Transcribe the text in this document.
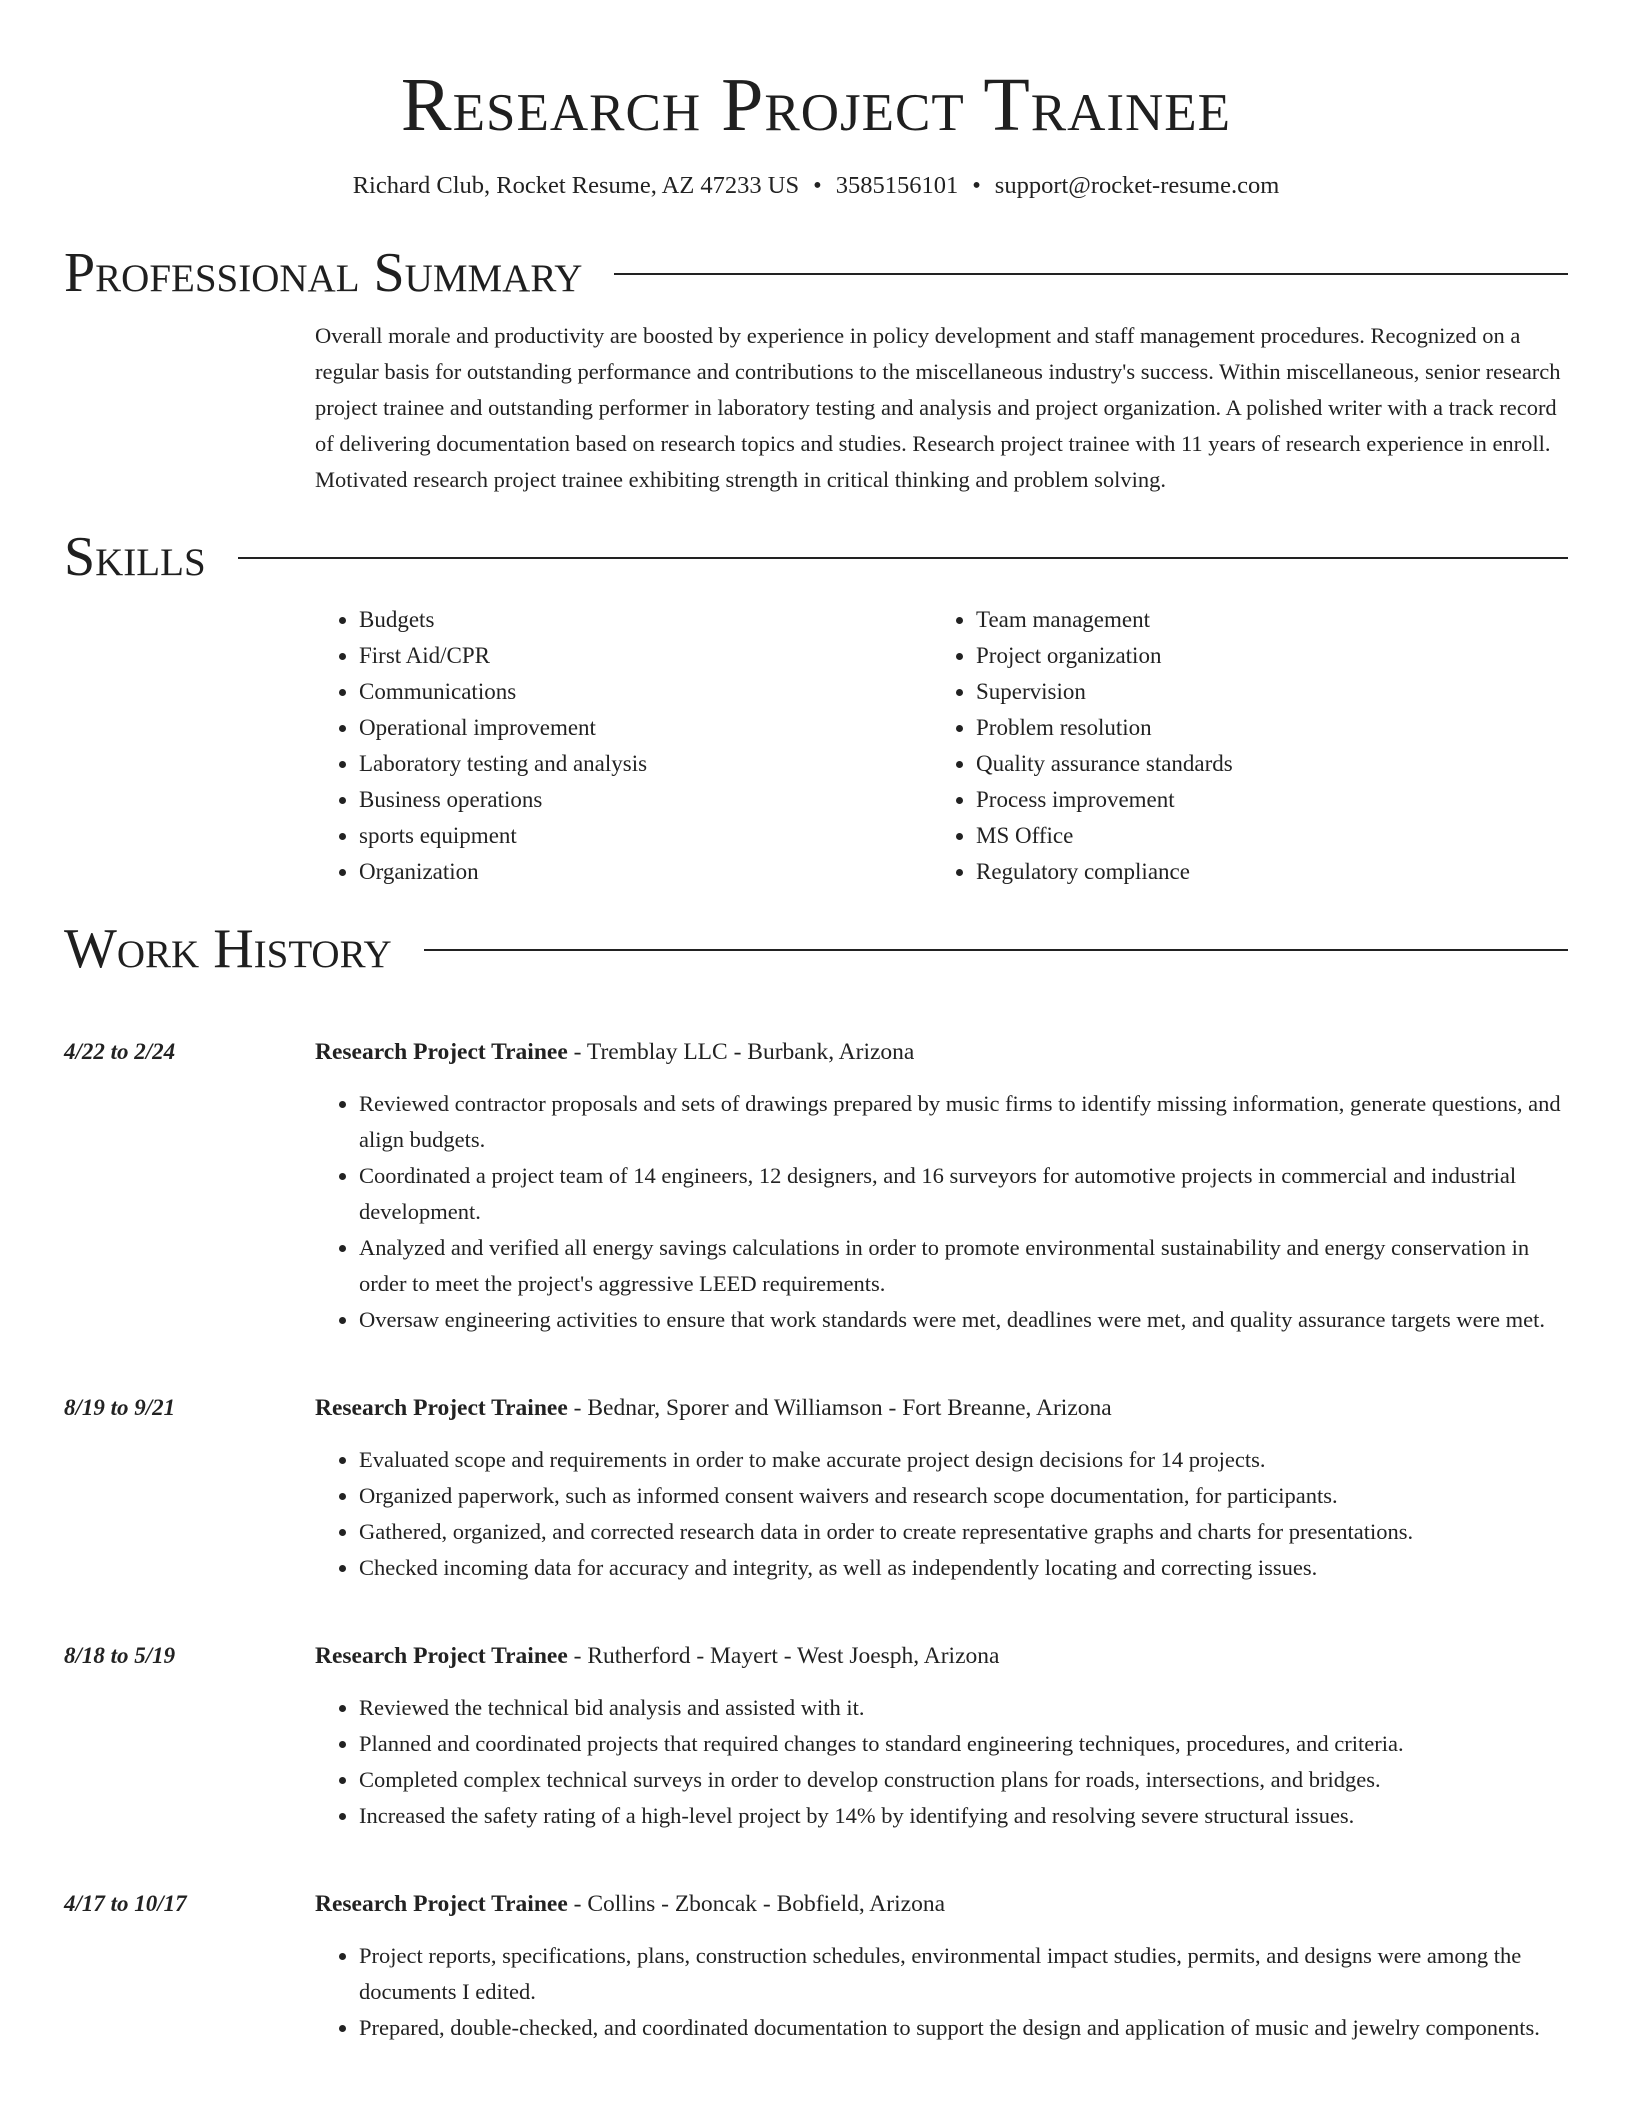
Research Project Trainee
Richard Club, Rocket Resume, AZ 47233 US • 3585156101 • support@rocket-resume.com
Professional Summary
Overall morale and productivity are boosted by experience in policy development and staff management procedures. Recognized on a regular basis for outstanding performance and contributions to the miscellaneous industry's success. Within miscellaneous, senior research project trainee and outstanding performer in laboratory testing and analysis and project organization. A polished writer with a track record of delivering documentation based on research topics and studies. Research project trainee with 11 years of research experience in enroll. Motivated research project trainee exhibiting strength in critical thinking and problem solving.
Skills
• Budgets
• First Aid/CPR
• Communications
• Operational improvement
• Laboratory testing and analysis
• Business operations
• sports equipment
• Organization
• Team management
• Project organization
• Supervision
• Problem resolution
• Quality assurance standards
• Process improvement
• MS Office
• Regulatory compliance
Work History
4/22 to 2/24	Research Project Trainee - Tremblay LLC - Burbank, Arizona
• Reviewed contractor proposals and sets of drawings prepared by music firms to identify missing information, generate questions, and align budgets.
• Coordinated a project team of 14 engineers, 12 designers, and 16 surveyors for automotive projects in commercial and industrial development.
• Analyzed and verified all energy savings calculations in order to promote environmental sustainability and energy conservation in order to meet the project's aggressive LEED requirements.
• Oversaw engineering activities to ensure that work standards were met, deadlines were met, and quality assurance targets were met.
8/19 to 9/21	Research Project Trainee - Bednar, Sporer and Williamson - Fort Breanne, Arizona
• Evaluated scope and requirements in order to make accurate project design decisions for 14 projects.
• Organized paperwork, such as informed consent waivers and research scope documentation, for participants.
• Gathered, organized, and corrected research data in order to create representative graphs and charts for presentations.
• Checked incoming data for accuracy and integrity, as well as independently locating and correcting issues.
8/18 to 5/19	Research Project Trainee - Rutherford - Mayert - West Joesph, Arizona
• Reviewed the technical bid analysis and assisted with it.
• Planned and coordinated projects that required changes to standard engineering techniques, procedures, and criteria.
• Completed complex technical surveys in order to develop construction plans for roads, intersections, and bridges.
• Increased the safety rating of a high-level project by 14% by identifying and resolving severe structural issues.
4/17 to 10/17	Research Project Trainee - Collins - Zboncak - Bobfield, Arizona
• Project reports, specifications, plans, construction schedules, environmental impact studies, permits, and designs were among the documents I edited.
• Prepared, double-checked, and coordinated documentation to support the design and application of music and jewelry components.
